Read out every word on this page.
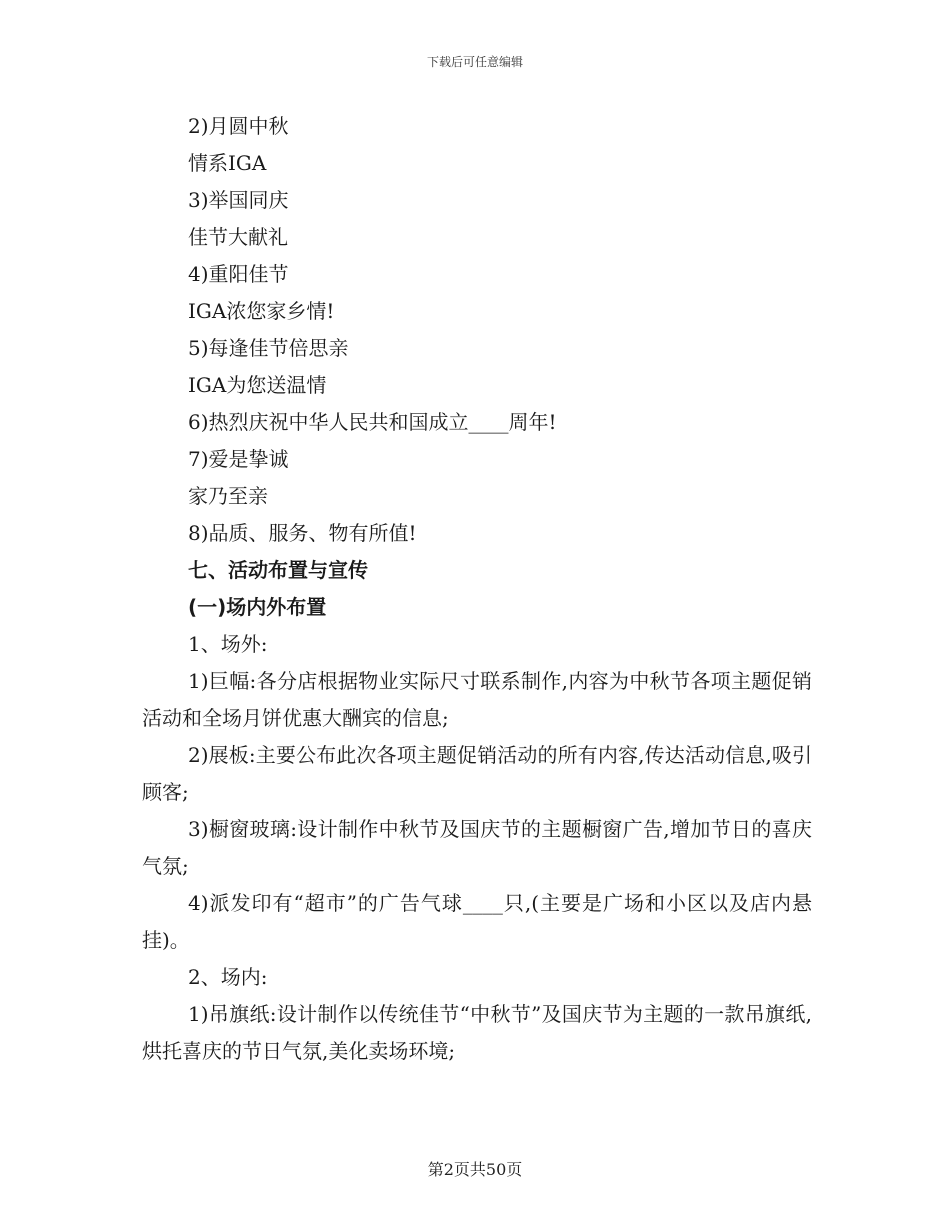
下载后可任意编辑

2)月圆中秋

情系IGA

3)举国同庆

佳节大献礼

4)重阳佳节

IGA浓您家乡情!

5)每逢佳节倍思亲

IGA为您送温情

6)热烈庆祝中华人民共和国成立____周年!

7)爱是挚诚

家乃至亲

8)品质、服务、物有所值!

七、活动布置与宣传

(一)场内外布置

1、场外:

1)巨幅:各分店根据物业实际尺寸联系制作,内容为中秋节各项主题促销活动和全场月饼优惠大酬宾的信息;

2)展板:主要公布此次各项主题促销活动的所有内容,传达活动信息,吸引顾客;

3)橱窗玻璃:设计制作中秋节及国庆节的主题橱窗广告,增加节日的喜庆气氛;

4)派发印有“超市”的广告气球____只,(主要是广场和小区以及店内悬挂)。

2、场内:

1)吊旗纸:设计制作以传统佳节“中秋节”及国庆节为主题的一款吊旗纸,烘托喜庆的节日气氛,美化卖场环境;

第2页共50页
